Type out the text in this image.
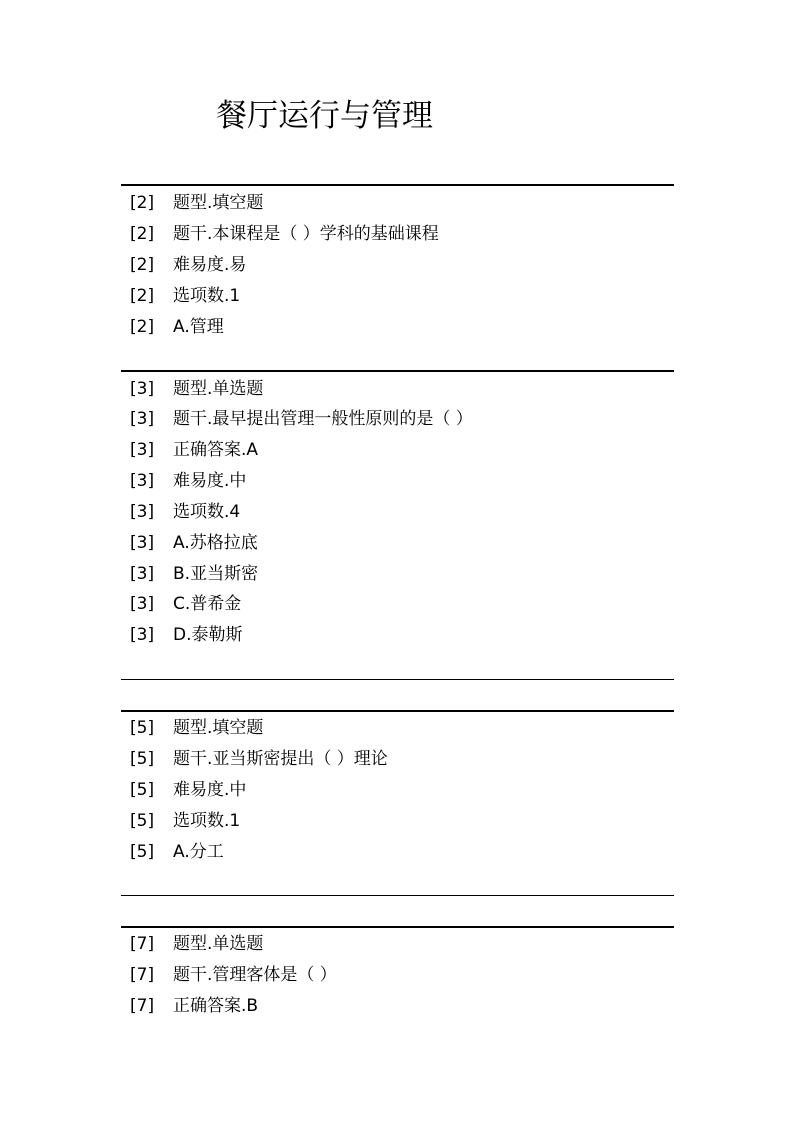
餐厅运行与管理
[2] 题型.填空题
[2] 题干.本课程是（ ）学科的基础课程
[2] 难易度.易
[2] 选项数.1
[2] A.管理
[3] 题型.单选题
[3] 题干.最早提出管理一般性原则的是（ ）
[3] 正确答案.A
[3] 难易度.中
[3] 选项数.4
[3] A.苏格拉底
[3] B.亚当斯密
[3] C.普希金
[3] D.泰勒斯
[5] 题型.填空题
[5] 题干.亚当斯密提出（ ）理论
[5] 难易度.中
[5] 选项数.1
[5] A.分工
[7] 题型.单选题
[7] 题干.管理客体是（ ）
[7] 正确答案.B
